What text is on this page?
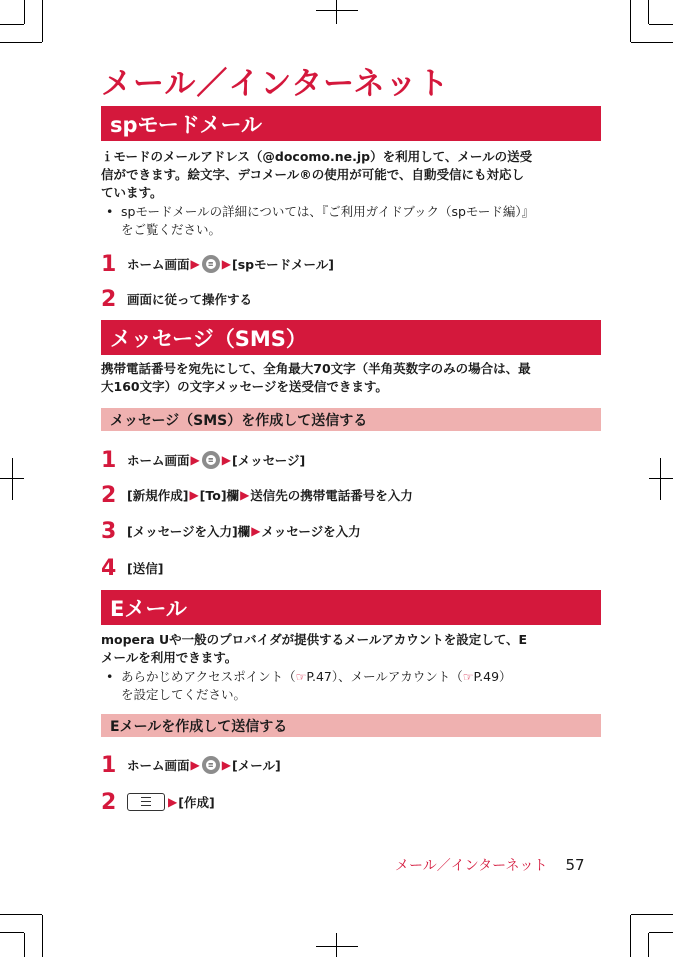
メール／インターネット
spモードメール
ｉモードのメールアドレス（@docomo.ne.jp）を利用して、メールの送受
信ができます。絵文字、デコメール®の使用が可能で、自動受信にも対応し
ています。
• spモードメールの詳細については、『ご利用ガイドブック（spモード編）』
をご覧ください。
1 ホーム画面 ▶ ≡ ▶ [spモードメール]
2 画面に従って操作する
メッセージ（SMS）
携帯電話番号を宛先にして、全角最大70文字（半角英数字のみの場合は、最
大160文字）の文字メッセージを送受信できます。
メッセージ（SMS）を作成して送信する
1 ホーム画面 ▶ ≡ ▶ [メッセージ]
2 [新規作成] ▶ [To]欄 ▶ 送信先の携帯電話番号を入力
3 [メッセージを入力]欄 ▶ メッセージを入力
4 [送信]
Eメール
mopera Uや一般のプロバイダが提供するメールアカウントを設定して、E
メールを利用できます。
• あらかじめアクセスポイント（☞P.47）、メールアカウント（☞P.49）
を設定してください。
Eメールを作成して送信する
1 ホーム画面 ▶ ≡ ▶ [メール]
2	▶ [作成]
メール／インターネット 57
